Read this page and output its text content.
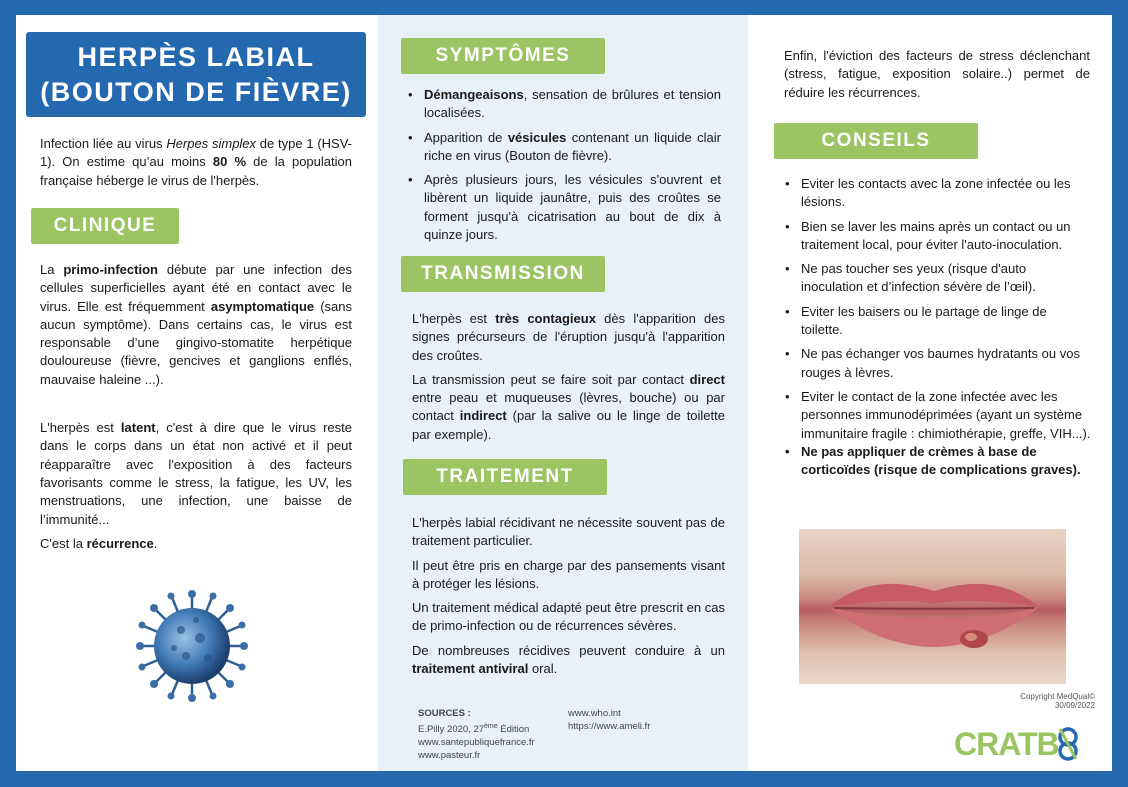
HERPÈS LABIAL
(BOUTON DE FIÈVRE)

Infection liée au virus Herpes simplex de type 1 (HSV-1). On estime qu’au moins 80 % de la population française héberge le virus de l'herpès.

CLINIQUE

La primo-infection débute par une infection des cellules superficielles ayant été en contact avec le virus. Elle est fréquemment asymptomatique (sans aucun symptôme). Dans certains cas, le virus est responsable d’une gingivo-stomatite herpétique douloureuse (fièvre, gencives et ganglions enflés, mauvaise haleine ...).

L'herpès est latent, c'est à dire que le virus reste dans le corps dans un état non activé et il peut réapparaître avec l'exposition à des facteurs favorisants comme le stress, la fatigue, les UV, les menstruations, une infection, une baisse de l’immunité...

C'est la récurrence.

SYMPTÔMES
• Démangeaisons, sensation de brûlures et tension localisées.
• Apparition de vésicules contenant un liquide clair riche en virus (Bouton de fièvre).
• Après plusieurs jours, les vésicules s'ouvrent et libèrent un liquide jaunâtre, puis des croûtes se forment jusqu'à cicatrisation au bout de dix à quinze jours.
TRANSMISSION

L'herpès est très contagieux dès l'apparition des signes précurseurs de l'éruption jusqu'à l'apparition des croûtes.

La transmission peut se faire soit par contact direct entre peau et muqueuses (lèvres, bouche) ou par contact indirect (par la salive ou le linge de toilette par exemple).

TRAITEMENT

L'herpès labial récidivant ne nécessite souvent pas de traitement particulier.

Il peut être pris en charge par des pansements visant à protéger les lésions.

Un traitement médical adapté peut être prescrit en cas de primo-infection ou de récurrences sévères.

De nombreuses récidives peuvent conduire à un traitement antiviral oral.

SOURCES :
E.Pilly 2020, 27ème Édition
www.santepubliquefrance.fr
www.pasteur.fr
www.who.int
https://www.ameli.fr

Enfin, l'éviction des facteurs de stress déclenchant (stress, fatigue, exposition solaire..) permet de réduire les récurrences.

CONSEILS
• Eviter les contacts avec la zone infectée ou les lésions.
• Bien se laver les mains après un contact ou un traitement local, pour éviter l'auto-inoculation.
• Ne pas toucher ses yeux (risque d'auto inoculation et d’infection sévère de l’œil).
• Eviter les baisers ou le partage de linge de toilette.
• Ne pas échanger vos baumes hydratants ou vos rouges à lèvres.
• Eviter le contact de la zone infectée avec les personnes immunodéprimées (ayant un système immunitaire fragile : chimiothérapie, greffe, VIH...).
• Ne pas appliquer de crèmes à base de corticoïdes (risque de complications graves).
Copyright MedQual©
30/09/2022
CRATB
